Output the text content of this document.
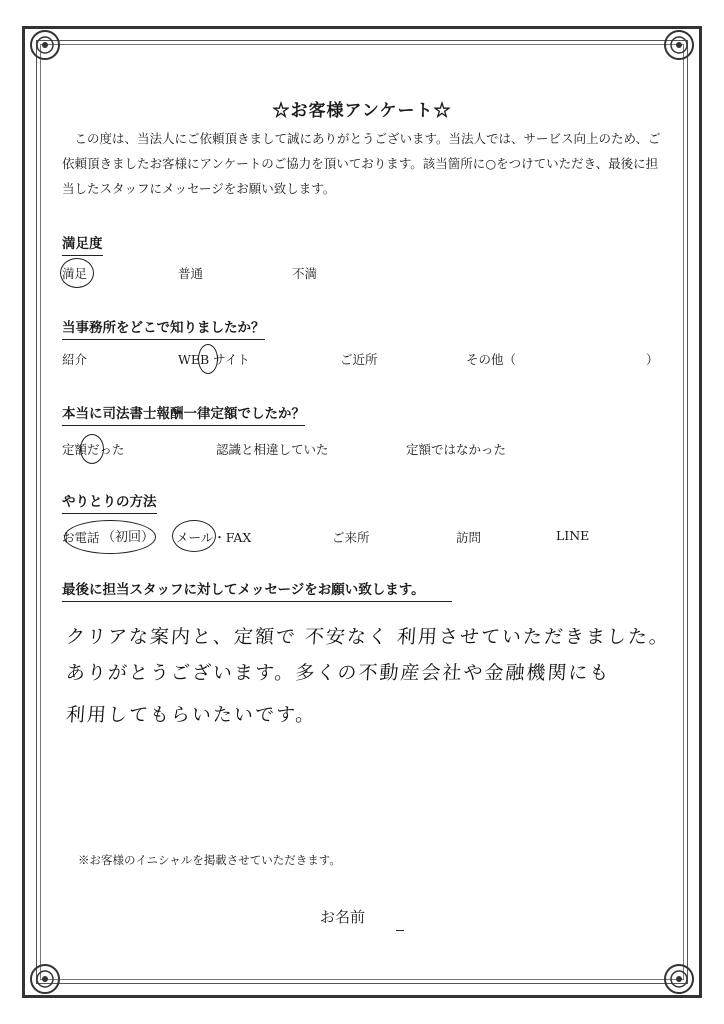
☆お客様アンケート☆
この度は、当法人にご依頼頂きまして誠にありがとうございます。当法人では、サービス向上のため、ご依頼頂きましたお客様にアンケートのご協力を頂いております。該当箇所に○をつけていただき、最後に担当したスタッフにメッセージをお願い致します。
満足度
満足	普通	不満
当事務所をどこで知りましたか？
紹介	WEB サイト	ご近所	その他（	）
本当に司法書士報酬一律定額でしたか？
定額だった	認識と相違していた	定額ではなかった
やりとりの方法
お電話 （初回） メール・FAX	ご来所	訪問	LINE
最後に担当スタッフに対してメッセージをお願い致します。
クリアな案内と、定額で 不安なく 利用させていただきました。
ありがとうございます。多くの不動産会社や金融機関にも
利用してもらいたいです。
※お客様のイニシャルを掲載させていただきます。
お名前
